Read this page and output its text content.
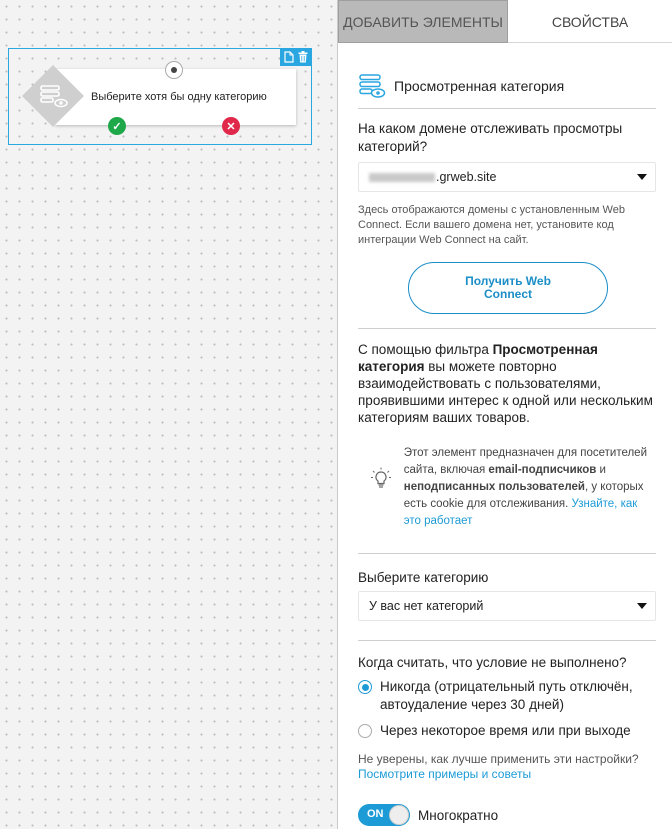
Выберите хотя бы одну категорию
✓	✕
ДОБАВИТЬ ЭЛЕМЕНТЫ	СВОЙСТВА
Просмотренная категория
На каком домене отслеживать просмотры категорий?
.grweb.site
Здесь отображаются домены с установленным Web Connect. Если вашего домена нет, установите код интеграции Web Connect на сайт.
Получить Web Connect
С помощью фильтра Просмотренная категория вы можете повторно взаимодействовать с пользователями, проявившими интерес к одной или нескольким категориям ваших товаров.
Этот элемент предназначен для посетителей сайта, включая email-подписчиков и неподписанных пользователей, у которых есть cookie для отслеживания. Узнайте, как это работает
Выберите категорию
У вас нет категорий
Когда считать, что условие не выполнено?
Никогда (отрицательный путь отключён, автоудаление через 30 дней)
Через некоторое время или при выходе
Не уверены, как лучше применить эти настройки?
Посмотрите примеры и советы
ON	Многократно
